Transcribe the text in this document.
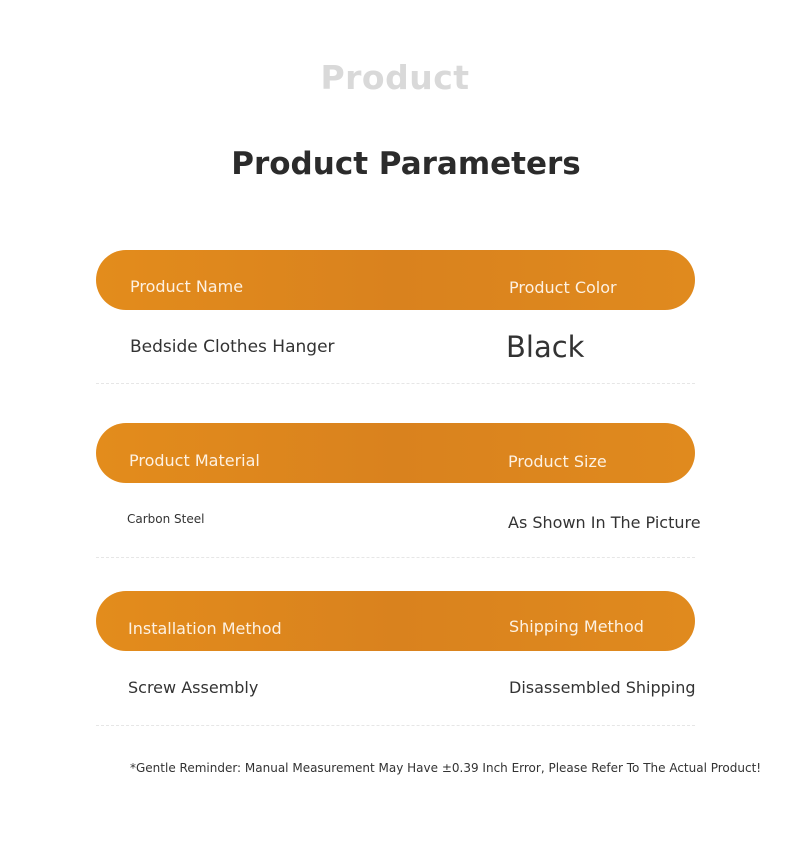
Product
Product Parameters
Product Name	Product Color
Bedside Clothes Hanger	Black
Product Material	Product Size
Carbon Steel	As Shown In The Picture
Installation Method	Shipping Method
Screw Assembly	Disassembled Shipping
*Gentle Reminder: Manual Measurement May Have ±0.39 Inch Error, Please Refer To The Actual Product!
